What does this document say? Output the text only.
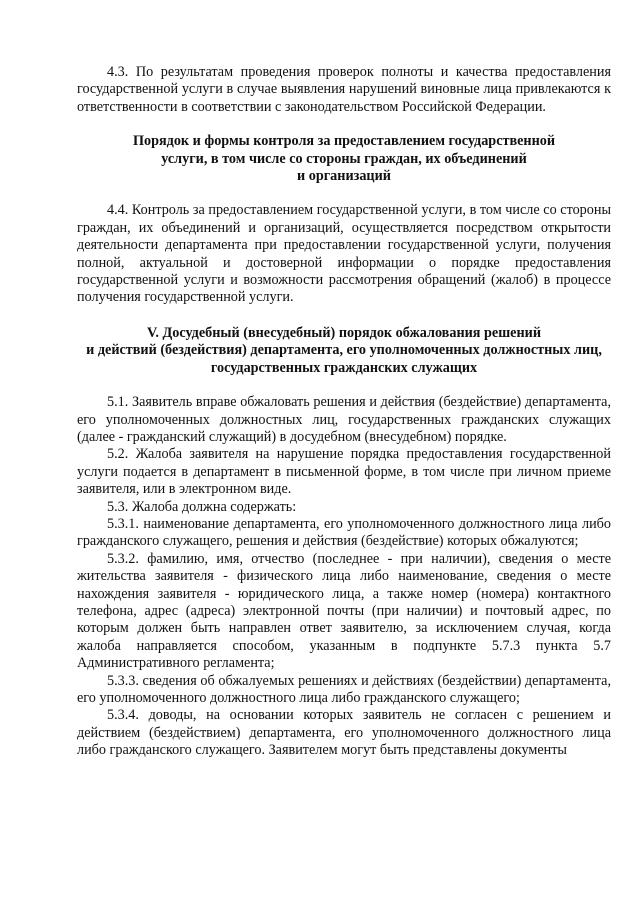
4.3. По результатам проведения проверок полноты и качества предоставления государственной услуги в случае выявления нарушений виновные лица привлекаются к ответственности в соответствии с законодательством Российской Федерации.

Порядок и формы контроля за предоставлением государственной
услуги, в том числе со стороны граждан, их объединений
и организаций

4.4. Контроль за предоставлением государственной услуги, в том числе со стороны граждан, их объединений и организаций, осуществляется посредством открытости деятельности департамента при предоставлении государственной услуги, получения полной, актуальной и достоверной информации о порядке предоставления государственной услуги и возможности рассмотрения обращений (жалоб) в процессе получения государственной услуги.

V. Досудебный (внесудебный) порядок обжалования решений
и действий (бездействия) департамента, его уполномоченных должностных лиц,
государственных гражданских служащих

5.1. Заявитель вправе обжаловать решения и действия (бездействие) департамента, его уполномоченных должностных лиц, государственных гражданских служащих (далее - гражданский служащий) в досудебном (внесудебном) порядке.

5.2. Жалоба заявителя на нарушение порядка предоставления государственной услуги подается в департамент в письменной форме, в том числе при личном приеме заявителя, или в электронном виде.

5.3. Жалоба должна содержать:

5.3.1. наименование департамента, его уполномоченного должностного лица либо гражданского служащего, решения и действия (бездействие) которых обжалуются;

5.3.2. фамилию, имя, отчество (последнее - при наличии), сведения о месте жительства заявителя - физического лица либо наименование, сведения о месте нахождения заявителя - юридического лица, а также номер (номера) контактного телефона, адрес (адреса) электронной почты (при наличии) и почтовый адрес, по которым должен быть направлен ответ заявителю, за исключением случая, когда жалоба направляется способом, указанным в подпункте 5.7.3 пункта 5.7 Административного регламента;

5.3.3. сведения об обжалуемых решениях и действиях (бездействии) департамента, его уполномоченного должностного лица либо гражданского служащего;

5.3.4. доводы, на основании которых заявитель не согласен с решением и действием (бездействием) департамента, его уполномоченного должностного лица либо гражданского служащего. Заявителем могут быть представлены документы
